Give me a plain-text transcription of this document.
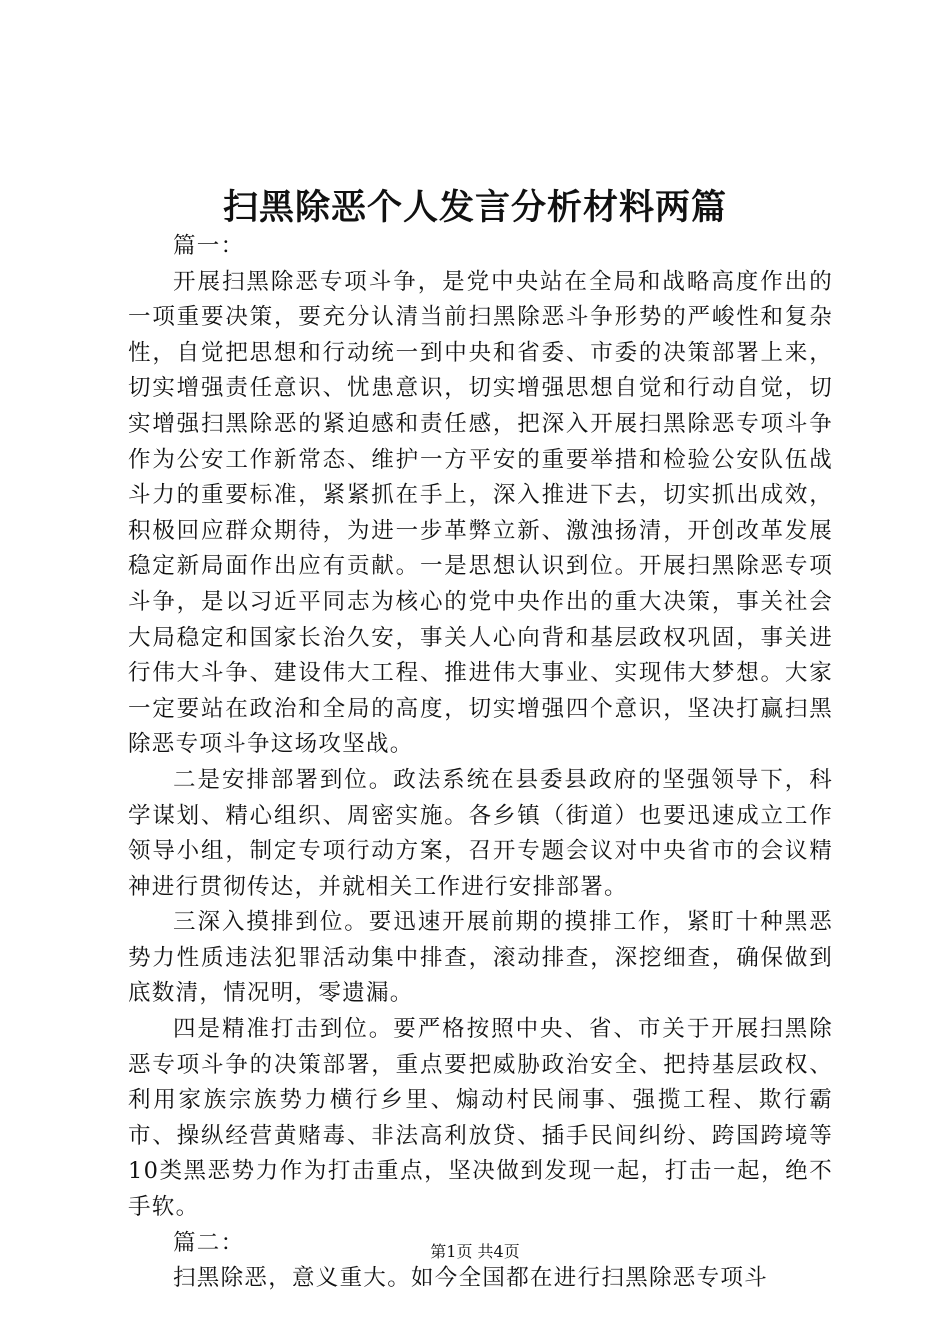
扫黑除恶个人发言分析材料两篇

篇一：

开展扫黑除恶专项斗争，是党中央站在全局和战略高度作出的一项重要决策，要充分认清当前扫黑除恶斗争形势的严峻性和复杂性，自觉把思想和行动统一到中央和省委、市委的决策部署上来，切实增强责任意识、忧患意识，切实增强思想自觉和行动自觉，切实增强扫黑除恶的紧迫感和责任感，把深入开展扫黑除恶专项斗争作为公安工作新常态、维护一方平安的重要举措和检验公安队伍战斗力的重要标准，紧紧抓在手上，深入推进下去，切实抓出成效，积极回应群众期待，为进一步革弊立新、激浊扬清，开创改革发展稳定新局面作出应有贡献。一是思想认识到位。开展扫黑除恶专项斗争，是以习近平同志为核心的党中央作出的重大决策，事关社会大局稳定和国家长治久安，事关人心向背和基层政权巩固，事关进行伟大斗争、建设伟大工程、推进伟大事业、实现伟大梦想。大家一定要站在政治和全局的高度，切实增强四个意识，坚决打赢扫黑除恶专项斗争这场攻坚战。

二是安排部署到位。政法系统在县委县政府的坚强领导下，科学谋划、精心组织、周密实施。各乡镇（街道）也要迅速成立工作领导小组，制定专项行动方案，召开专题会议对中央省市的会议精神进行贯彻传达，并就相关工作进行安排部署。

三深入摸排到位。要迅速开展前期的摸排工作，紧盯十种黑恶势力性质违法犯罪活动集中排查，滚动排查，深挖细查，确保做到底数清，情况明，零遗漏。

四是精准打击到位。要严格按照中央、省、市关于开展扫黑除恶专项斗争的决策部署，重点要把威胁政治安全、把持基层政权、利用家族宗族势力横行乡里、煽动村民闹事、强揽工程、欺行霸市、操纵经营黄赌毒、非法高利放贷、插手民间纠纷、跨国跨境等10类黑恶势力作为打击重点，坚决做到发现一起，打击一起，绝不手软。

篇二：

扫黑除恶，意义重大。如今全国都在进行扫黑除恶专项斗

第1页 共4页
